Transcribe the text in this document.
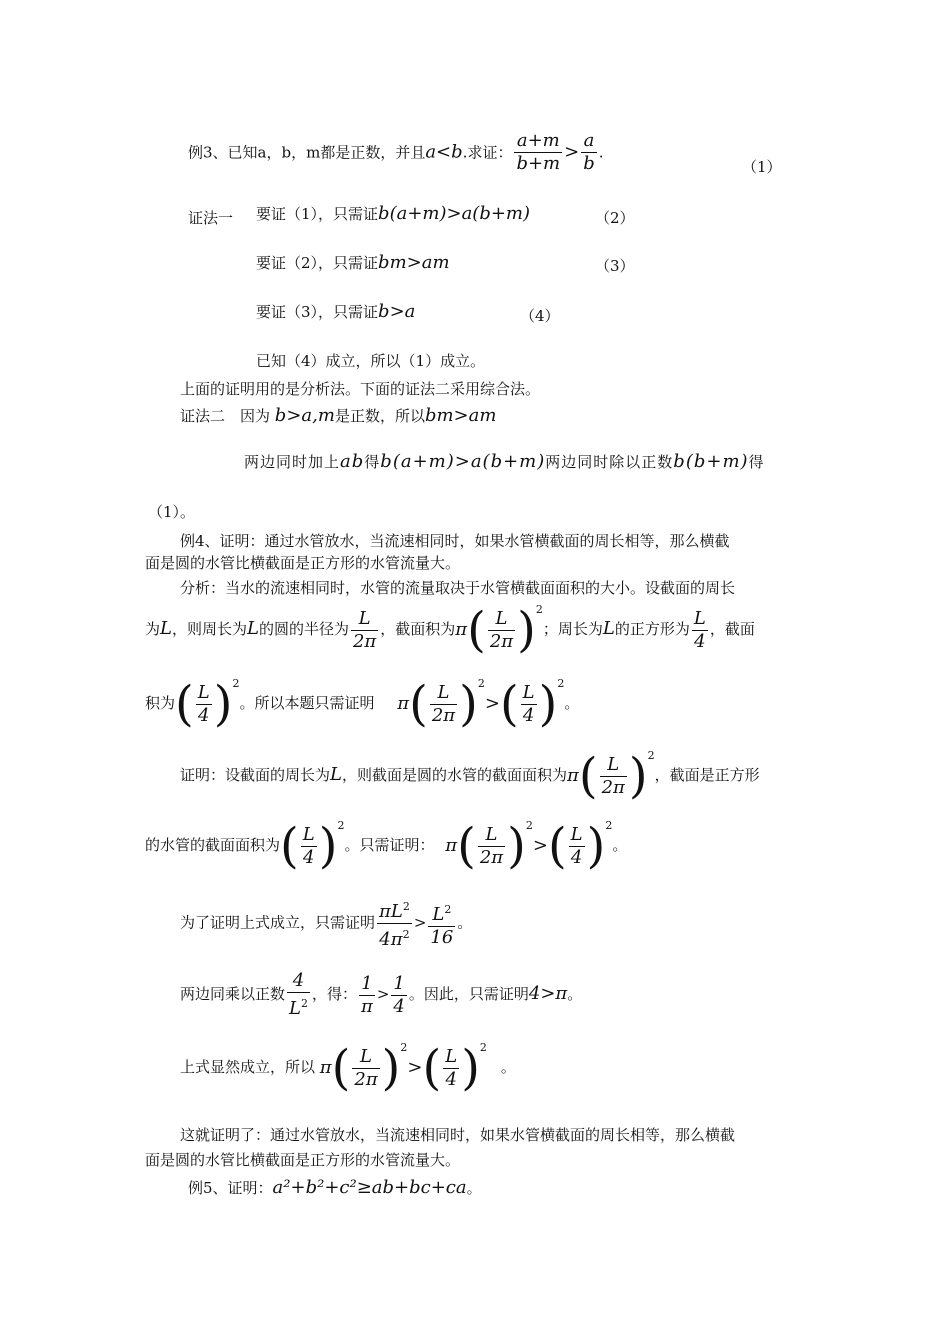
例3、已知a，b，m都是正数，并且a<b.求证： $\frac{a+m}{b+m} > \frac{a}{b}$ .
（1）
证法一 要证（1），只需证b(a+m)>a(b+m)	（2）
要证（2），只需证bm>am	（3）
要证（3），只需证b>a	（4）
已知（4）成立，所以（1）成立。
上面的证明用的是分析法。下面的证法二采用综合法。
证法二　因为 b>a,m是正数，所以bm>am
两边同时加上ab得b(a+m)>a(b+m)两边同时除以正数b(b+m)得
（1）。
例4、证明：通过水管放水，当流速相同时，如果水管横截面的周长相等，那么横截
面是圆的水管比横截面是正方形的水管流量大。
分析：当水的流速相同时，水管的流量取决于水管横截面面积的大小。设截面的周长
为L，则周长为L的圆的半径为 $\frac{L}{2\pi}$ ，截面积为$\pi( \frac{L}{2\pi} )^2$；周长为L的正方形为 $\frac{L}{4}$ ，截面
积为( $\frac{L}{4} )^2$。所以本题只需证明 $\pi( \frac{L}{2\pi} )^2>( \frac{L}{4} )^2$。
证明：设截面的周长为L，则截面是圆的水管的截面面积为$\pi( \frac{L}{2\pi} )^2$，截面是正方形
的水管的截面面积为( $\frac{L}{4} )^2$。只需证明： $\pi( \frac{L}{2\pi} )^2>( \frac{L}{4} )^2$。
为了证明上式成立，只需证明 $\frac{\pi L^2}{4\pi^2} > \frac{L^2}{16}$ 。
两边同乘以正数 $\frac{4}{L^2}$ ，得： $\frac{1}{\pi} > \frac{1}{4}$ 。因此，只需证明4>π。
上式显然成立，所以 $\pi( \frac{L}{2\pi} )^2>( \frac{L}{4} )^2$。
这就证明了：通过水管放水，当流速相同时，如果水管横截面的周长相等，那么横截
面是圆的水管比横截面是正方形的水管流量大。
例5、证明：a²+b²+c²≥ab+bc+ca。
